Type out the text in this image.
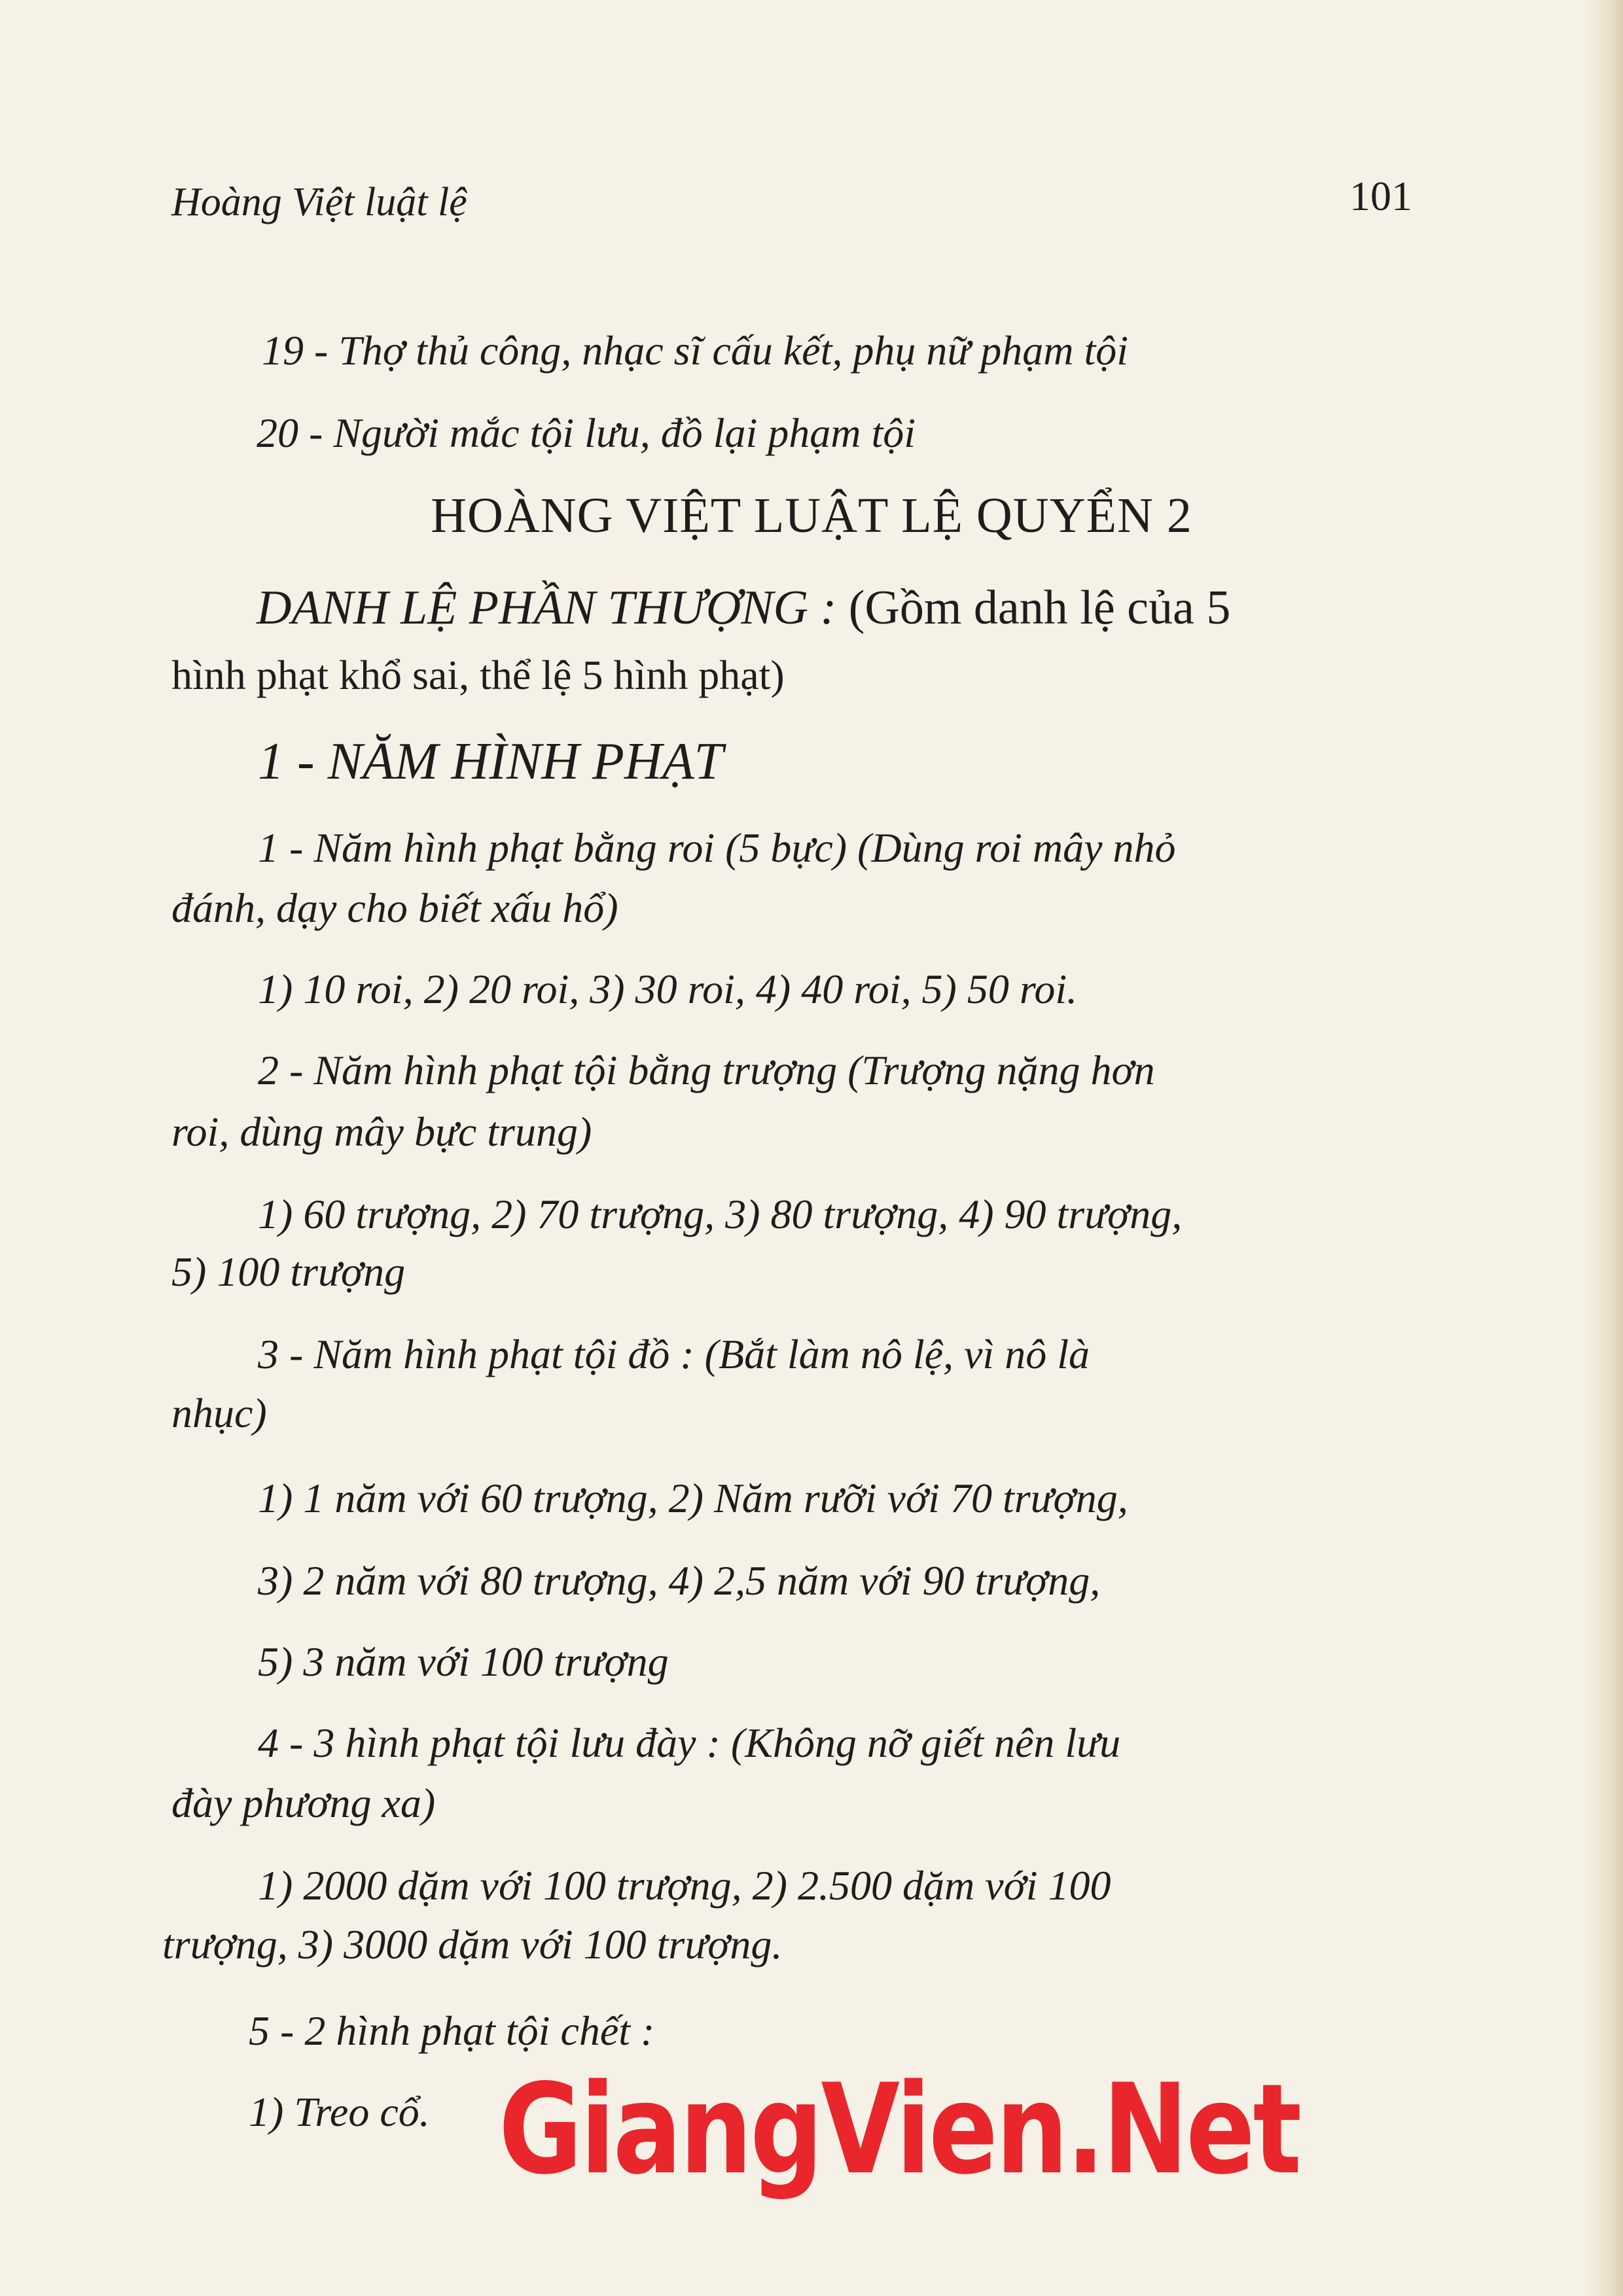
Hoàng Việt luật lệ	101

19 - Thợ thủ công, nhạc sĩ cấu kết, phụ nữ phạm tội

20 - Người mắc tội lưu, đồ lại phạm tội

HOÀNG VIỆT LUẬT LỆ QUYỂN 2

DANH LỆ PHẦN THƯỢNG : (Gồm danh lệ của 5

hình phạt khổ sai, thể lệ 5 hình phạt)

1 - NĂM HÌNH PHẠT

1 - Năm hình phạt bằng roi (5 bực) (Dùng roi mây nhỏ

đánh, dạy cho biết xấu hổ)

1) 10 roi, 2) 20 roi, 3) 30 roi, 4) 40 roi, 5) 50 roi.

2 - Năm hình phạt tội bằng trượng (Trượng nặng hơn

roi, dùng mây bực trung)

1) 60 trượng, 2) 70 trượng, 3) 80 trượng, 4) 90 trượng,

5) 100 trượng

3 - Năm hình phạt tội đồ : (Bắt làm nô lệ, vì nô là

nhục)

1) 1 năm với 60 trượng, 2) Năm rưỡi với 70 trượng,

3) 2 năm với 80 trượng, 4) 2,5 năm với 90 trượng,

5) 3 năm với 100 trượng

4 - 3 hình phạt tội lưu đày : (Không nỡ giết nên lưu

đày phương xa)

1) 2000 dặm với 100 trượng, 2) 2.500 dặm với 100

trượng, 3) 3000 dặm với 100 trượng.

5 - 2 hình phạt tội chết :

1) Treo cổ. GiangVien.Net
